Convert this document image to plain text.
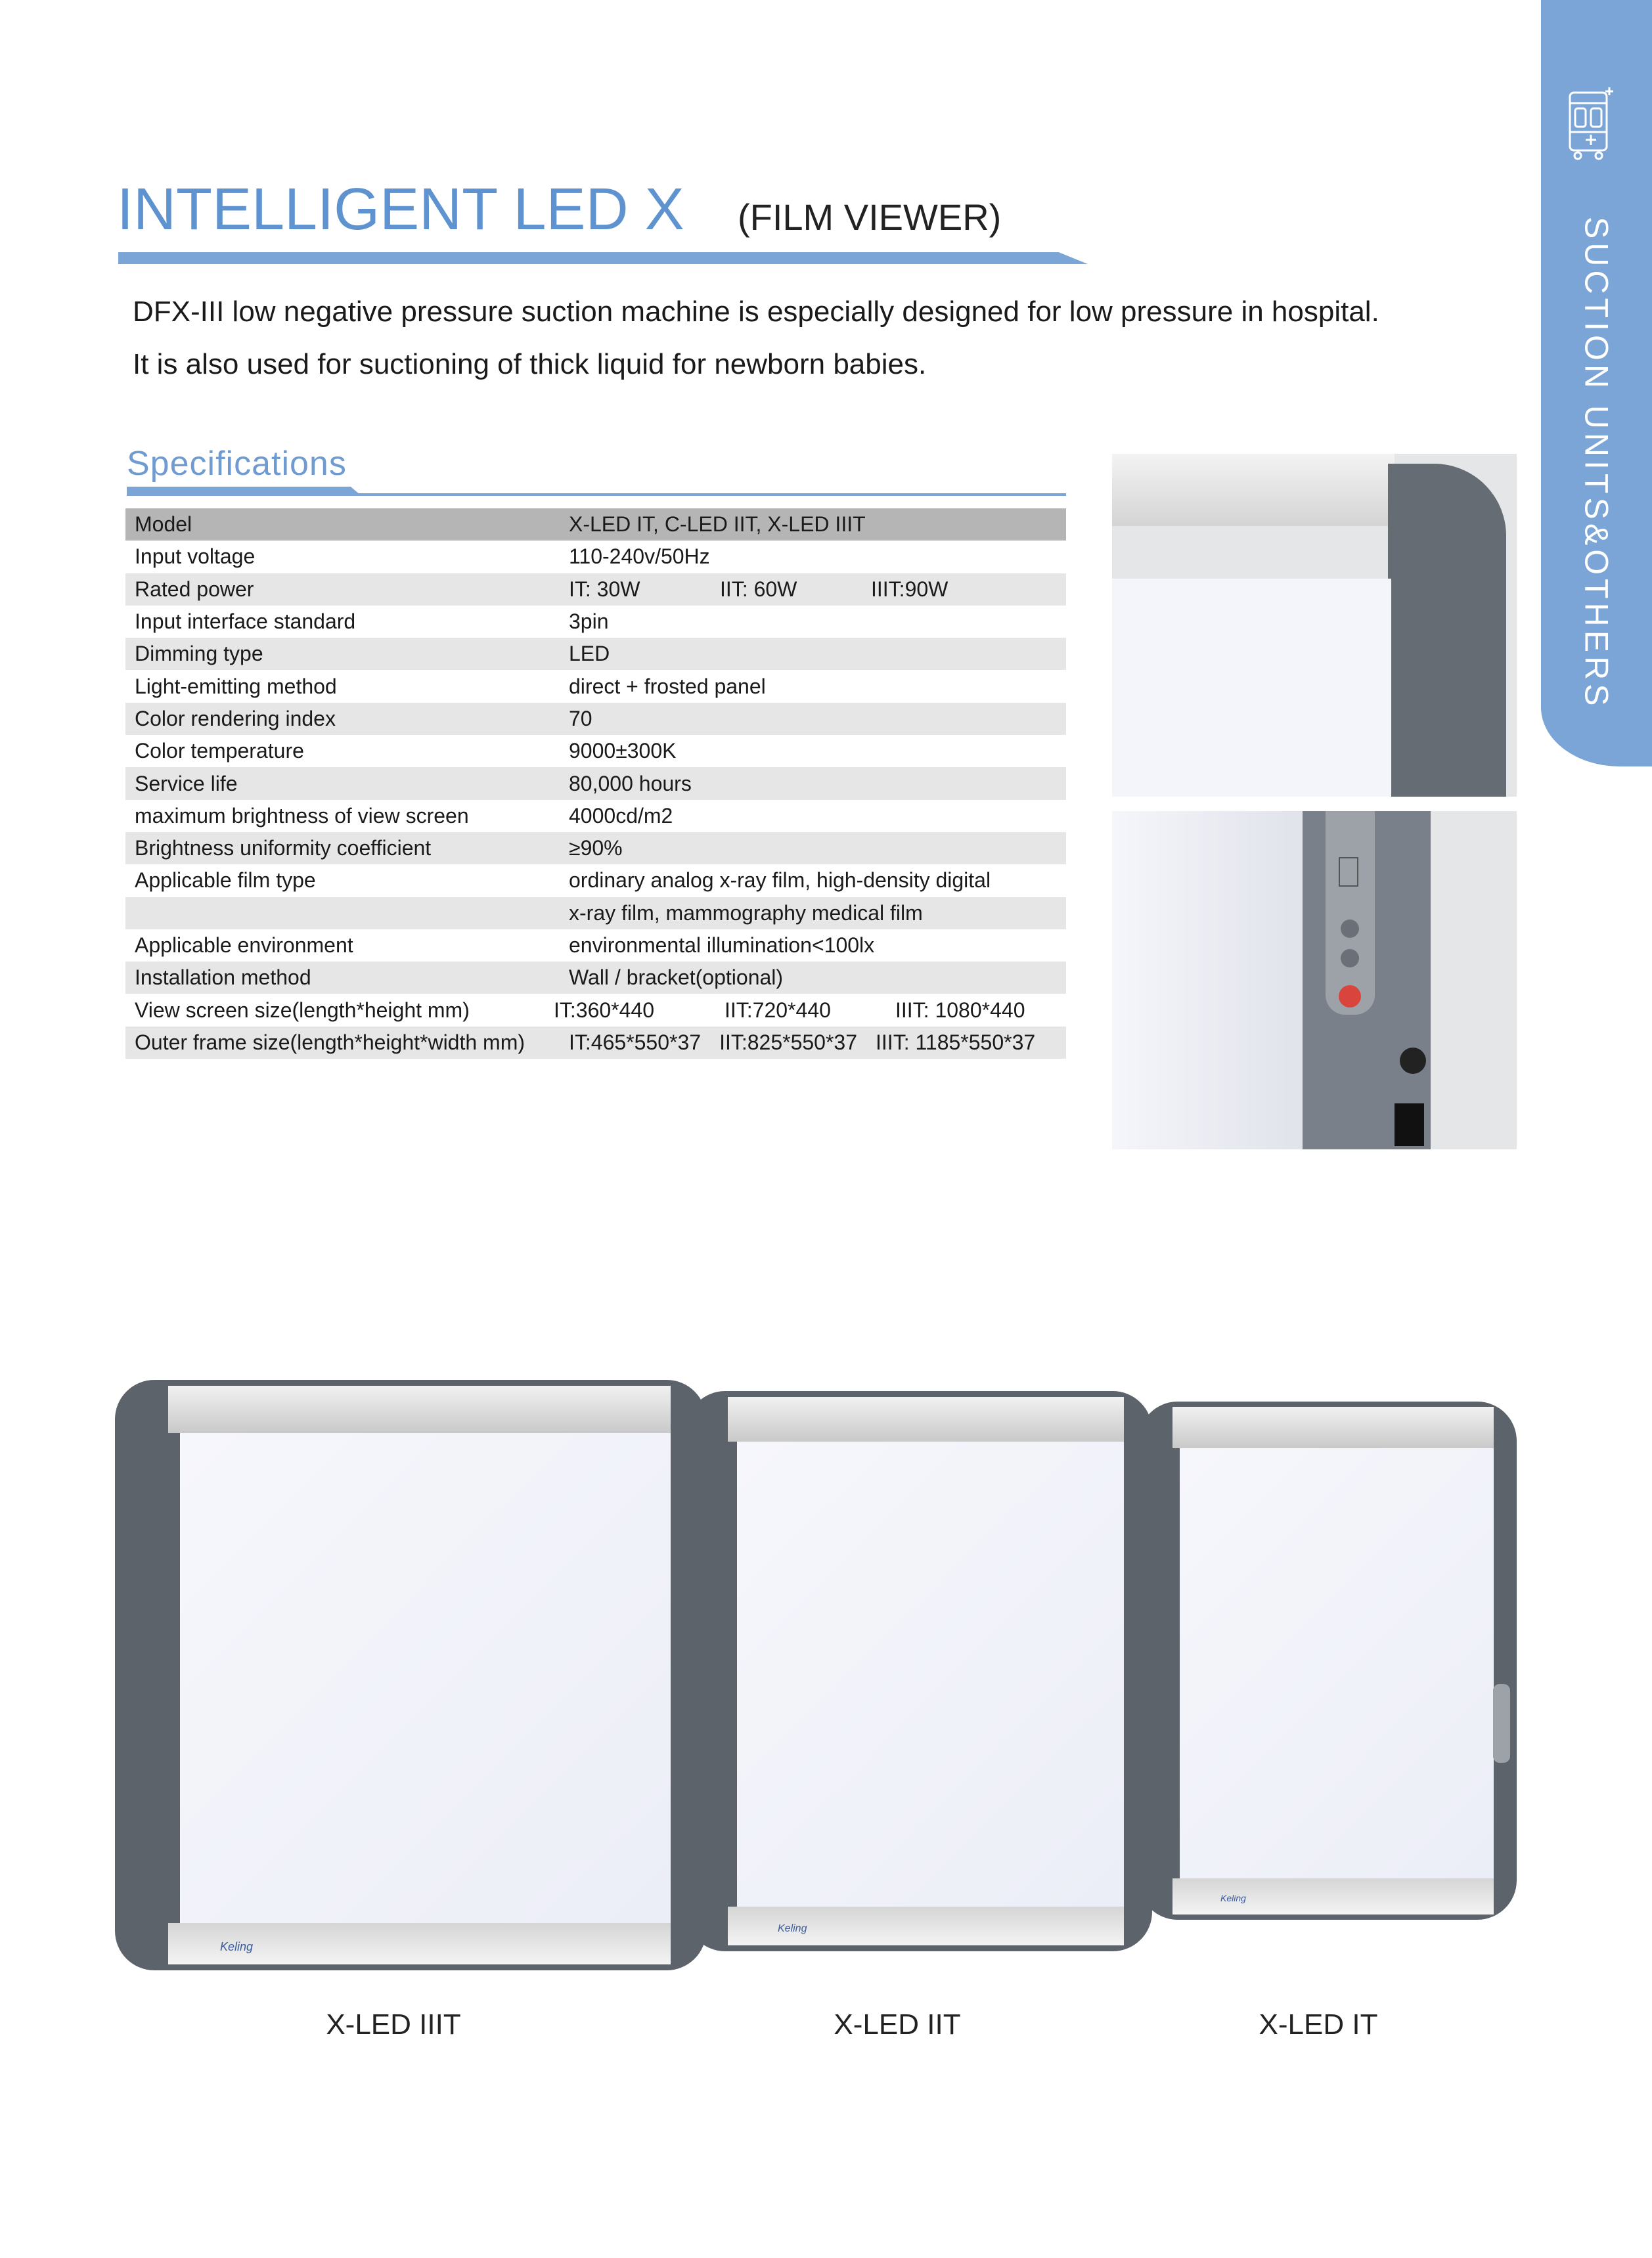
SUCTION UNITS&OTHERS
INTELLIGENT LED X (FILM VIEWER)
DFX-III low negative pressure suction machine is especially designed for low pressure in hospital.
It is also used for suctioning of thick liquid for newborn babies.
Specifications
Model	X-LED IT, C-LED IIT, X-LED IIIT
Input voltage	110-240v/50Hz
Rated power	IT: 30W	IIT: 60W	IIIT:90W
Input interface standard	3pin
Dimming type	LED
Light-emitting method	direct + frosted panel
Color rendering index	70
Color temperature	9000±300K
Service life	80,000 hours
maximum brightness of view screen	4000cd/m2
Brightness uniformity coefficient	≥90%
Applicable film type	ordinary analog x-ray film, high-density digital
x-ray film, mammography medical film
Applicable environment	environmental illumination<100lx
Installation method	Wall / bracket(optional)
View screen size(length*height mm)	IT:360*440	IIT:720*440	IIIT: 1080*440
Outer frame size(length*height*width mm)	IT:465*550*37 IIT:825*550*37 IIIT: 1185*550*37
Keling
Keling
Keling
X-LED IIIT	X-LED IIT	X-LED IT
